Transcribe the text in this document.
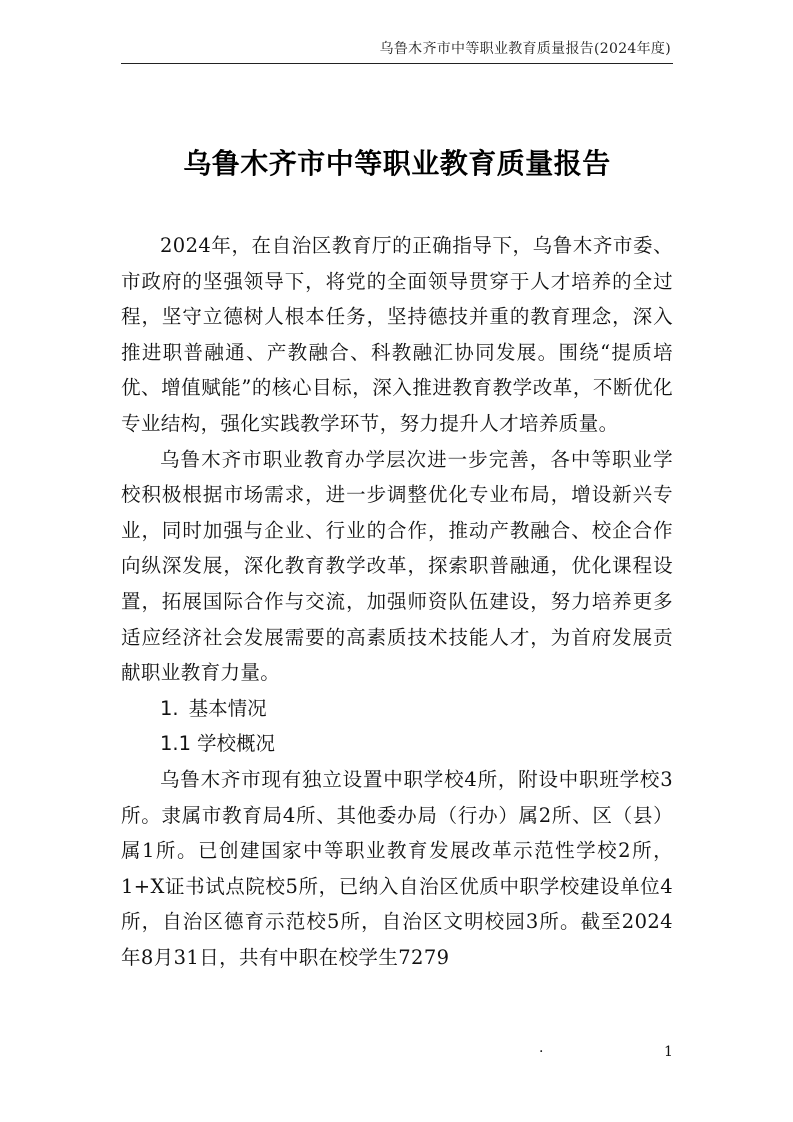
乌鲁木齐市中等职业教育质量报告(2024年度)
乌鲁木齐市中等职业教育质量报告

2024年，在自治区教育厅的正确指导下，乌鲁木齐市委、市政府的坚强领导下，将党的全面领导贯穿于人才培养的全过程，坚守立德树人根本任务，坚持德技并重的教育理念，深入推进职普融通、产教融合、科教融汇协同发展。围绕“提质培优、增值赋能”的核心目标，深入推进教育教学改革，不断优化专业结构，强化实践教学环节，努力提升人才培养质量。

乌鲁木齐市职业教育办学层次进一步完善，各中等职业学校积极根据市场需求，进一步调整优化专业布局，增设新兴专业，同时加强与企业、行业的合作，推动产教融合、校企合作向纵深发展，深化教育教学改革，探索职普融通，优化课程设置，拓展国际合作与交流，加强师资队伍建设，努力培养更多适应经济社会发展需要的高素质技术技能人才，为首府发展贡献职业教育力量。

1. 基本情况

1.1 学校概况

乌鲁木齐市现有独立设置中职学校4所，附设中职班学校3所。隶属市教育局4所、其他委办局（行办）属2所、区（县）属1所。已创建国家中等职业教育发展改革示范性学校2所，1+X证书试点院校5所，已纳入自治区优质中职学校建设单位4所，自治区德育示范校5所，自治区文明校园3所。截至2024年8月31日，共有中职在校学生7279

·	1
